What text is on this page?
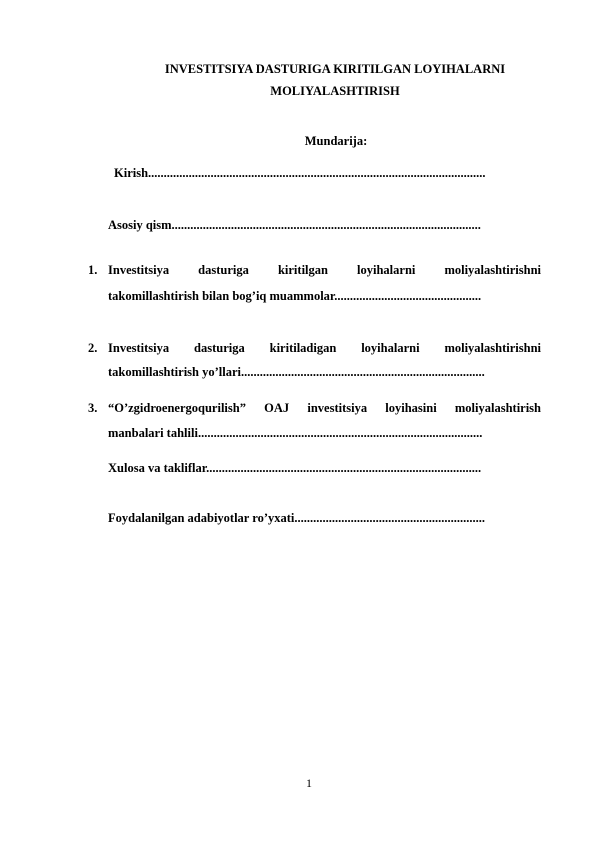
INVESTITSIYA DASTURIGA KIRITILGAN LOYIHALARNI
MOLIYALASHTIRISH
Mundarija:
Kirish............................................................................................................
Asosiy qism...................................................................................................
1. Investitsiya dasturiga kiritilgan loyihalarni moliyalashtirishni
takomillashtirish bilan bog’iq muammolar...............................................
2. Investitsiya dasturiga kiritiladigan loyihalarni moliyalashtirishni
takomillashtirish yo’llari..............................................................................
3. “O’zgidroenergoqurilish” OAJ investitsiya loyihasini moliyalashtirish
manbalari tahlili...........................................................................................
Xulosa va takliflar........................................................................................
Foydalanilgan adabiyotlar ro’yxati.............................................................
1
